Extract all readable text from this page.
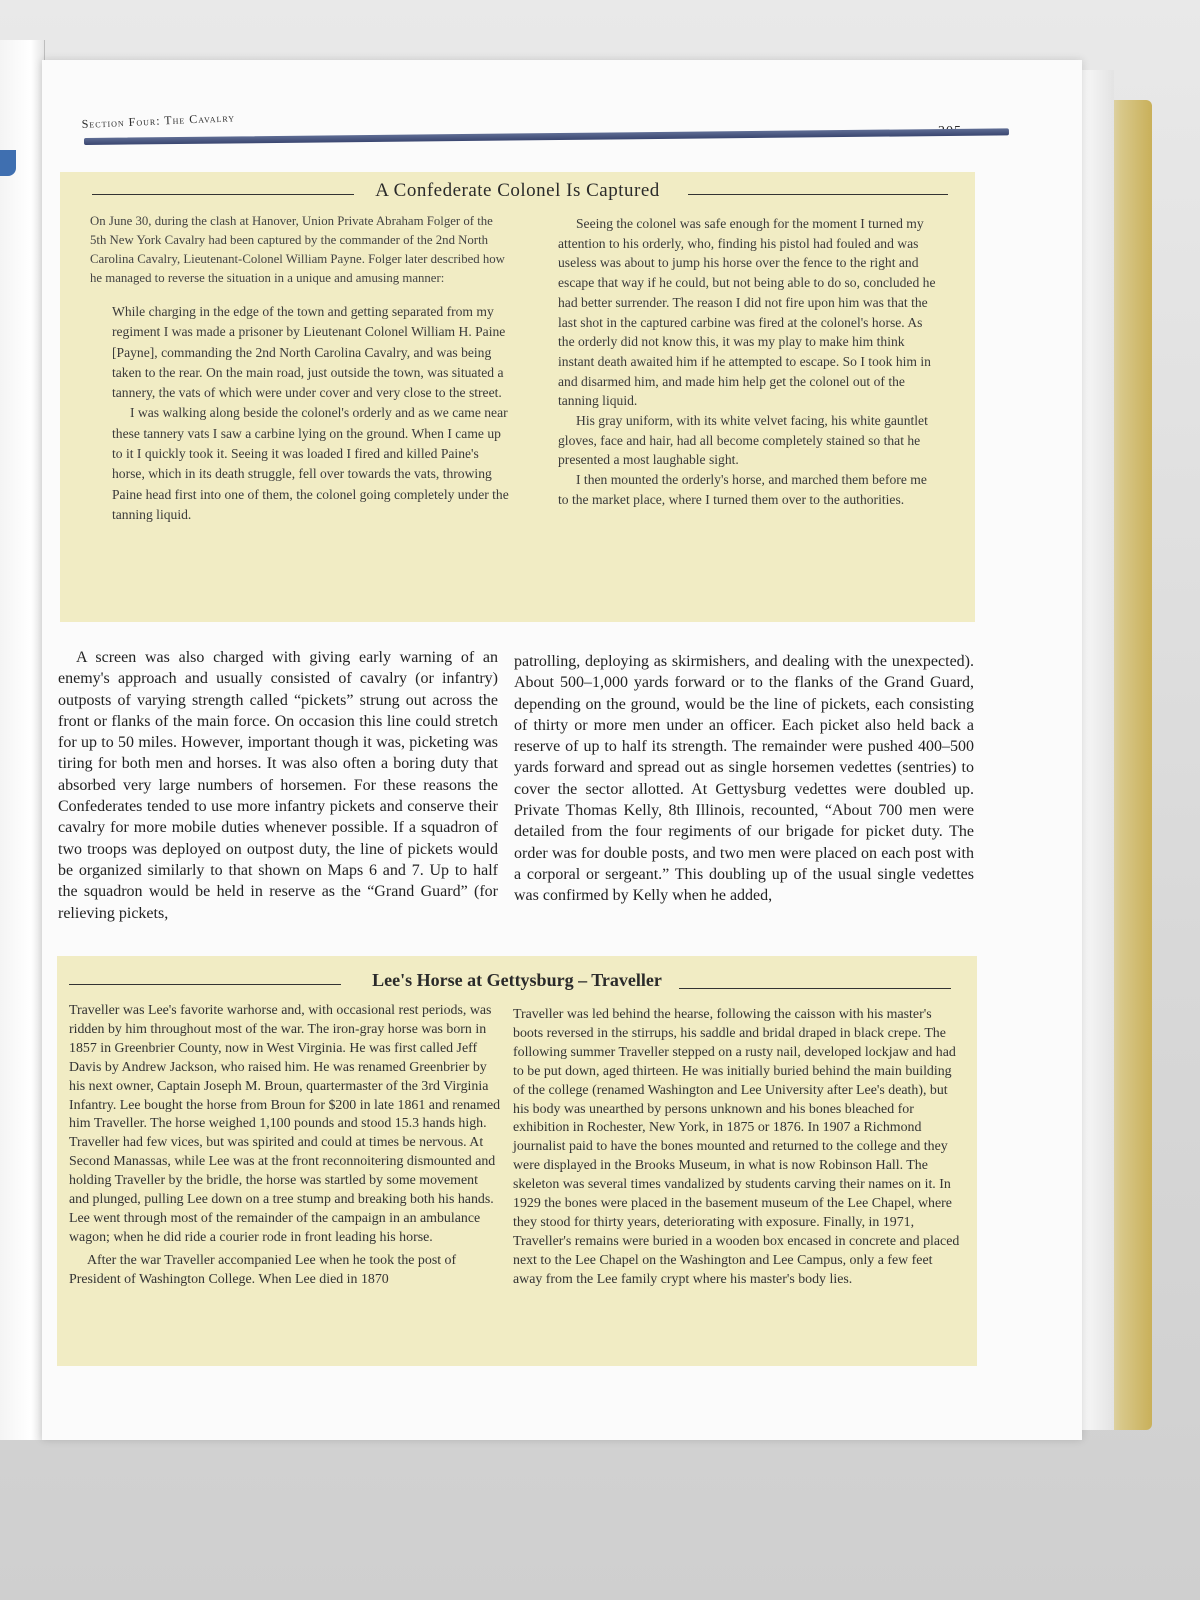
Section Four: The Cavalry
A Confederate Colonel Is Captured

On June 30, during the clash at Hanover, Union Private Abraham Folger of the 5th New York Cavalry had been captured by the commander of the 2nd North Carolina Cavalry, Lieutenant-Colonel William Payne. Folger later described how he managed to reverse the situation in a unique and amusing manner:

While charging in the edge of the town and getting separated from my regiment I was made a prisoner by Lieutenant Colonel William H. Paine [Payne], commanding the 2nd North Carolina Cavalry, and was being taken to the rear. On the main road, just outside the town, was situated a tannery, the vats of which were under cover and very close to the street.

I was walking along beside the colonel's orderly and as we came near these tannery vats I saw a carbine lying on the ground. When I came up to it I quickly took it. Seeing it was loaded I fired and killed Paine's horse, which in its death struggle, fell over towards the vats, throwing Paine head first into one of them, the colonel going completely under the tanning liquid.

Seeing the colonel was safe enough for the moment I turned my attention to his orderly, who, finding his pistol had fouled and was useless was about to jump his horse over the fence to the right and escape that way if he could, but not being able to do so, concluded he had better surrender. The reason I did not fire upon him was that the last shot in the captured carbine was fired at the colonel's horse. As the orderly did not know this, it was my play to make him think instant death awaited him if he attempted to escape. So I took him in and disarmed him, and made him help get the colonel out of the tanning liquid.

His gray uniform, with its white velvet facing, his white gauntlet gloves, face and hair, had all become completely stained so that he presented a most laughable sight.

I then mounted the orderly's horse, and marched them before me to the market place, where I turned them over to the authorities.

A screen was also charged with giving early warning of an enemy's approach and usually consisted of cavalry (or infantry) outposts of varying strength called “pickets” strung out across the front or flanks of the main force. On occasion this line could stretch for up to 50 miles. However, important though it was, picketing was tiring for both men and horses. It was also often a boring duty that absorbed very large numbers of horsemen. For these reasons the Confederates tended to use more infantry pickets and conserve their cavalry for more mobile duties whenever possible. If a squadron of two troops was deployed on outpost duty, the line of pickets would be organized similarly to that shown on Maps 6 and 7. Up to half the squadron would be held in reserve as the “Grand Guard” (for relieving pickets,
patrolling, deploying as skirmishers, and dealing with the unexpected). About 500–1,000 yards forward or to the flanks of the Grand Guard, depending on the ground, would be the line of pickets, each consisting of thirty or more men under an officer. Each picket also held back a reserve of up to half its strength. The remainder were pushed 400–500 yards forward and spread out as single horsemen vedettes (sentries) to cover the sector allotted. At Gettysburg vedettes were doubled up. Private Thomas Kelly, 8th Illinois, recounted, “About 700 men were detailed from the four regiments of our brigade for picket duty. The order was for double posts, and two men were placed on each post with a corporal or sergeant.” This doubling up of the usual single vedettes was confirmed by Kelly when he added,
Lee's Horse at Gettysburg – Traveller

Traveller was Lee's favorite warhorse and, with occasional rest periods, was ridden by him throughout most of the war. The iron-gray horse was born in 1857 in Greenbrier County, now in West Virginia. He was first called Jeff Davis by Andrew Jackson, who raised him. He was renamed Greenbrier by his next owner, Captain Joseph M. Broun, quartermaster of the 3rd Virginia Infantry. Lee bought the horse from Broun for $200 in late 1861 and renamed him Traveller. The horse weighed 1,100 pounds and stood 15.3 hands high. Traveller had few vices, but was spirited and could at times be nervous. At Second Manassas, while Lee was at the front reconnoitering dismounted and holding Traveller by the bridle, the horse was startled by some movement and plunged, pulling Lee down on a tree stump and breaking both his hands. Lee went through most of the remainder of the campaign in an ambulance wagon; when he did ride a courier rode in front leading his horse.

After the war Traveller accompanied Lee when he took the post of President of Washington College. When Lee died in 1870

Traveller was led behind the hearse, following the caisson with his master's boots reversed in the stirrups, his saddle and bridal draped in black crepe. The following summer Traveller stepped on a rusty nail, developed lockjaw and had to be put down, aged thirteen. He was initially buried behind the main building of the college (renamed Washington and Lee University after Lee's death), but his body was unearthed by persons unknown and his bones bleached for exhibition in Rochester, New York, in 1875 or 1876. In 1907 a Richmond journalist paid to have the bones mounted and returned to the college and they were displayed in the Brooks Museum, in what is now Robinson Hall. The skeleton was several times vandalized by students carving their names on it. In 1929 the bones were placed in the basement museum of the Lee Chapel, where they stood for thirty years, deteriorating with exposure. Finally, in 1971, Traveller's remains were buried in a wooden box encased in concrete and placed next to the Lee Chapel on the Washington and Lee Campus, only a few feet away from the Lee family crypt where his master's body lies.
